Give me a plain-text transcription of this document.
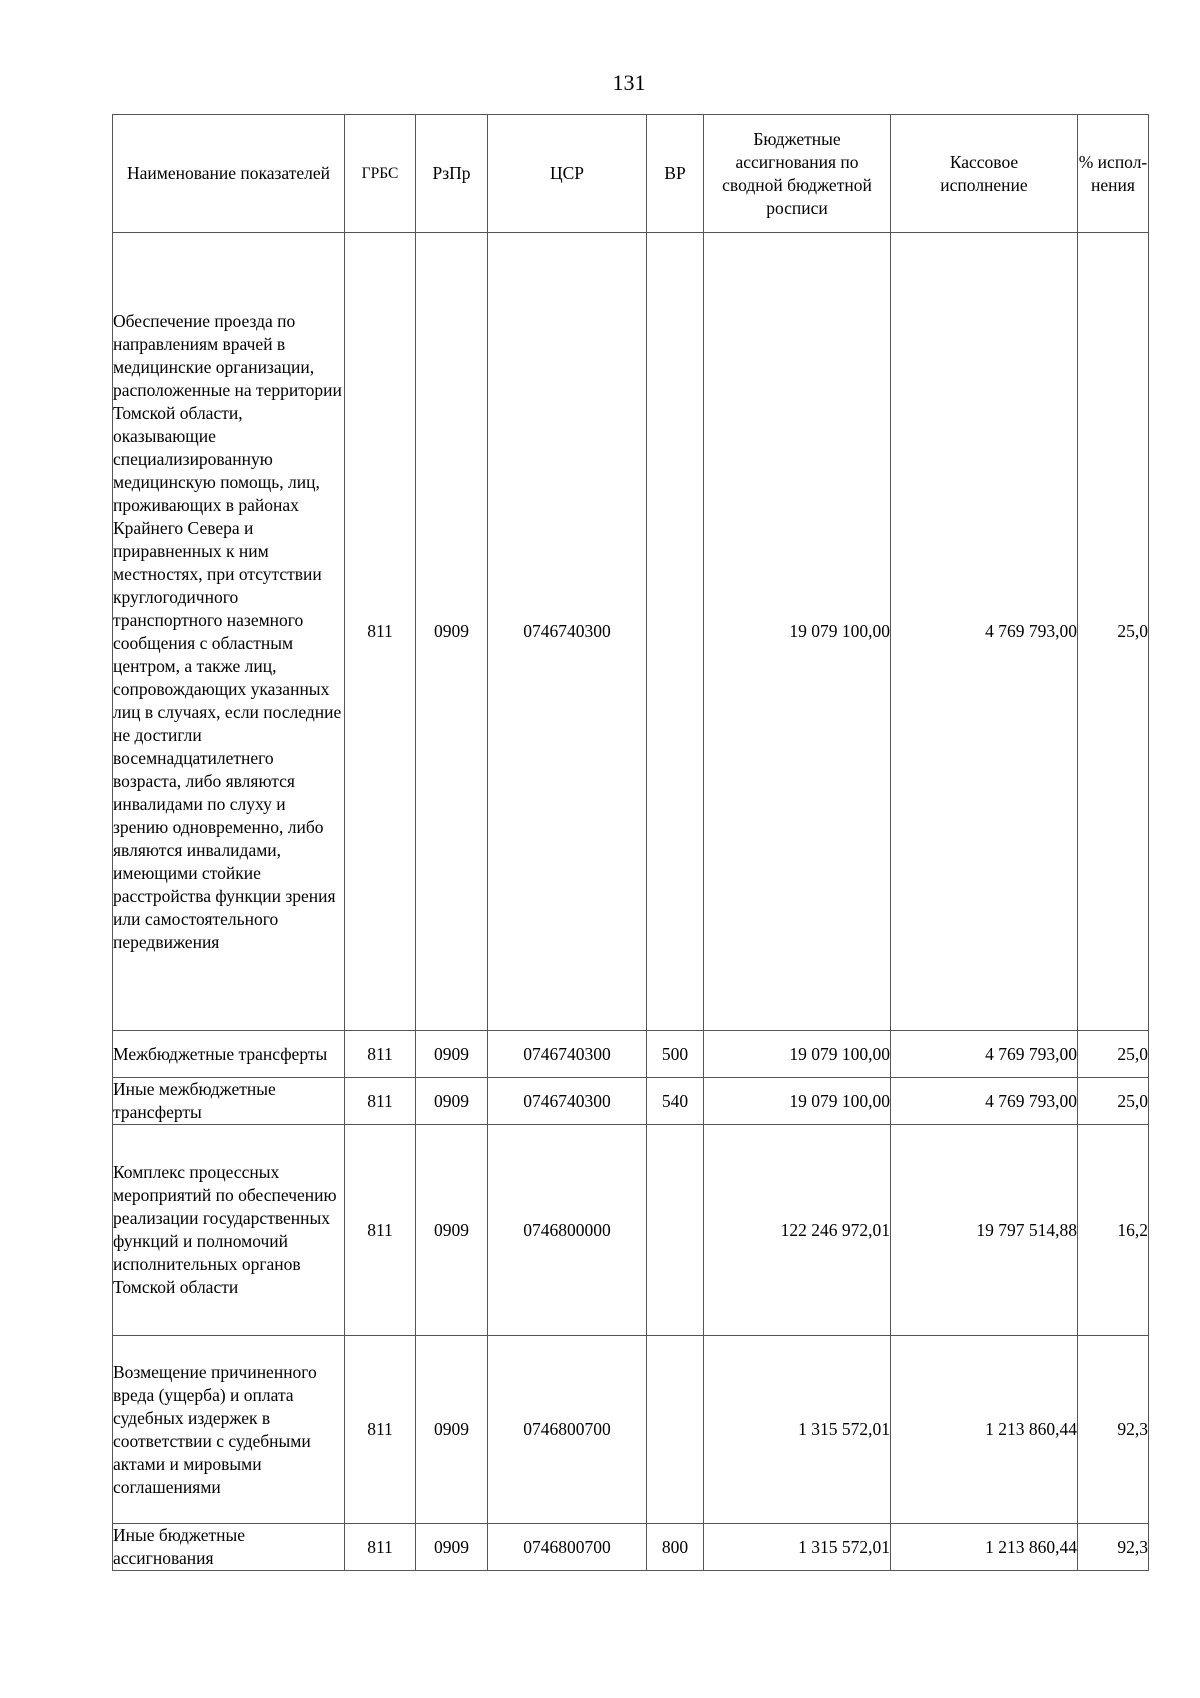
131
Наименование показателей	ГРБС	РзПр	ЦСР	ВР	Бюджетные ассигнования по сводной бюджетной росписи	Кассовое исполнение	% испол-нения
Обеспечение проезда по направлениям врачей в медицинские организации, расположенные на территории Томской области, оказывающие специализированную медицинскую помощь, лиц, проживающих в районах Крайнего Севера и приравненных к ним местностях, при отсутствии круглогодичного транспортного наземного сообщения с областным центром, а также лиц, сопровождающих указанных лиц в случаях, если последние не достигли восемнадцатилетнего возраста, либо являются инвалидами по слуху и зрению одновременно, либо являются инвалидами, имеющими стойкие расстройства функции зрения или самостоятельного передвижения	811	0909	0746740300		19 079 100,00	4 769 793,00	25,0
Межбюджетные трансферты	811	0909	0746740300	500	19 079 100,00	4 769 793,00	25,0
Иные межбюджетные трансферты	811	0909	0746740300	540	19 079 100,00	4 769 793,00	25,0
Комплекс процессных мероприятий по обеспечению реализации государственных функций и полномочий исполнительных органов Томской области	811	0909	0746800000		122 246 972,01	19 797 514,88	16,2
Возмещение причиненного вреда (ущерба) и оплата судебных издержек в соответствии с судебными актами и мировыми соглашениями	811	0909	0746800700		1 315 572,01	1 213 860,44	92,3
Иные бюджетные ассигнования	811	0909	0746800700	800	1 315 572,01	1 213 860,44	92,3
